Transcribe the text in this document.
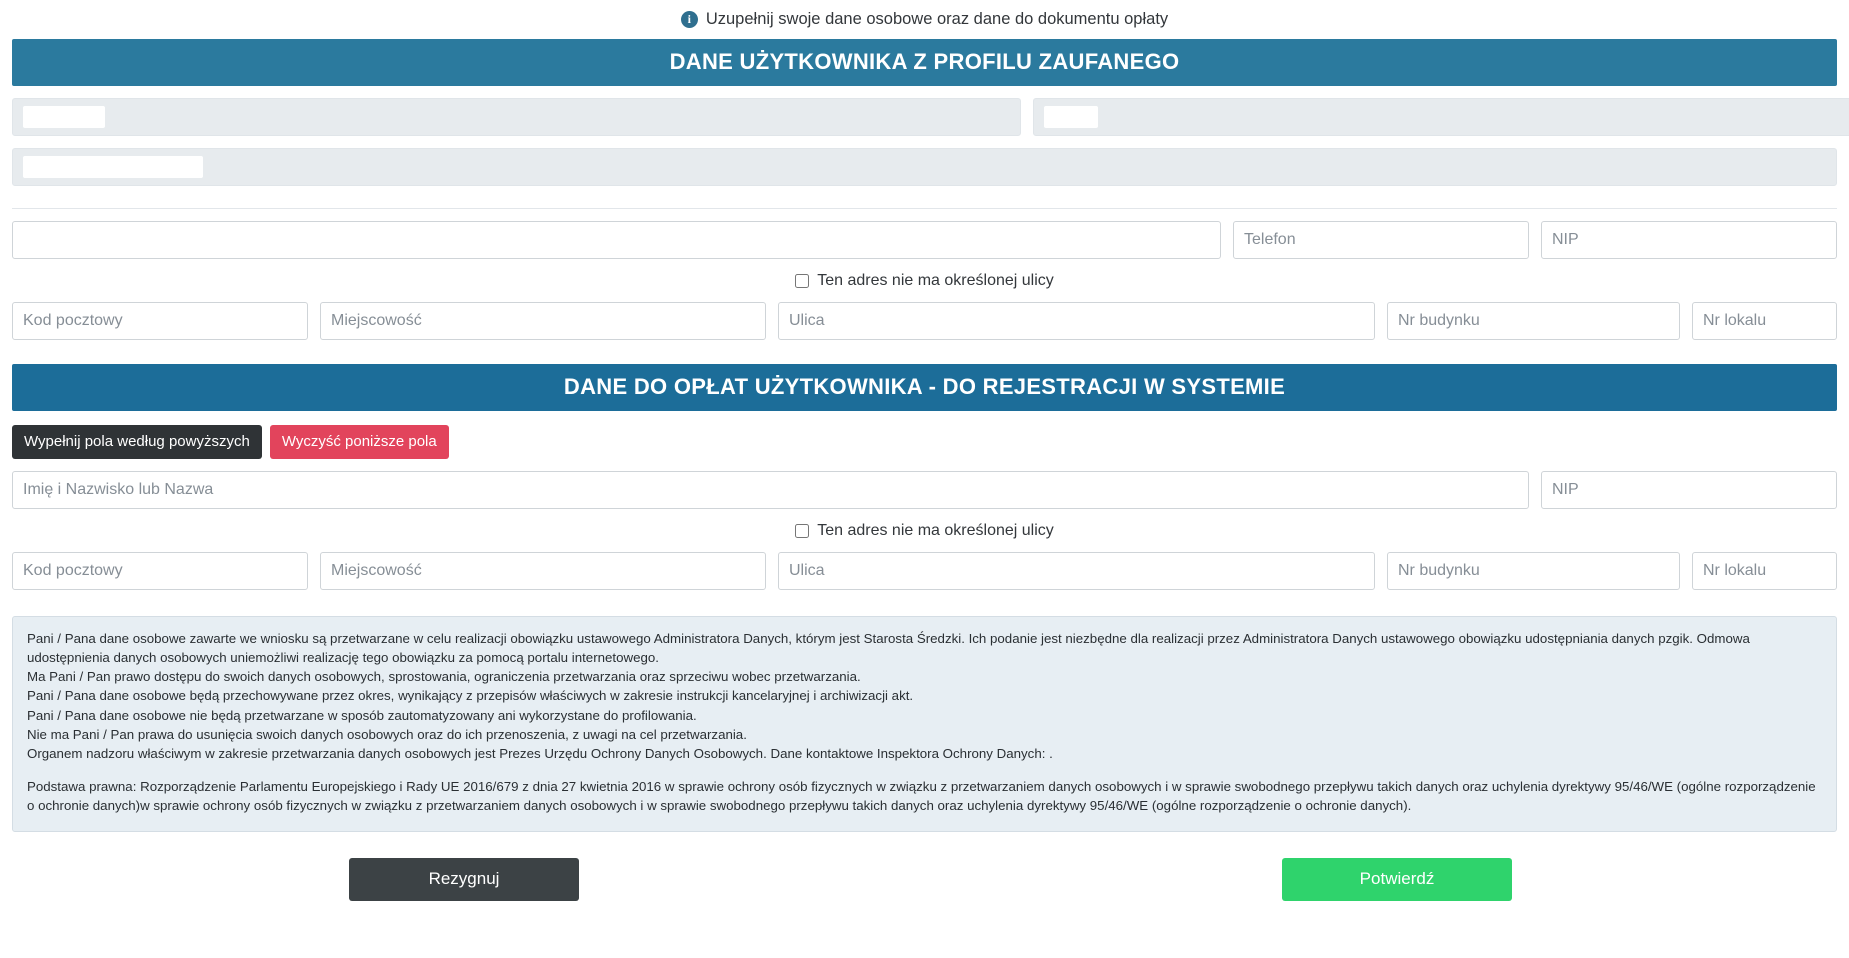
i Uzupełnij swoje dane osobowe oraz dane do dokumentu opłaty
DANE UŻYTKOWNIKA Z PROFILU ZAUFANEGO
Telefon
NIP
Ten adres nie ma określonej ulicy
Kod pocztowy
Miejscowość
Ulica
Nr budynku
Nr lokalu
DANE DO OPŁAT UŻYTKOWNIKA - DO REJESTRACJI W SYSTEMIE
Wypełnij pola według powyższych	Wyczyść poniższe pola
Imię i Nazwisko lub Nazwa
NIP
Ten adres nie ma określonej ulicy
Kod pocztowy
Miejscowość
Ulica
Nr budynku
Nr lokalu

Pani / Pana dane osobowe zawarte we wniosku są przetwarzane w celu realizacji obowiązku ustawowego Administratora Danych, którym jest Starosta Średzki. Ich podanie jest niezbędne dla realizacji przez Administratora Danych ustawowego obowiązku udostępniania danych pzgik. Odmowa udostępnienia danych osobowych uniemożliwi realizację tego obowiązku za pomocą portalu internetowego.

Ma Pani / Pan prawo dostępu do swoich danych osobowych, sprostowania, ograniczenia przetwarzania oraz sprzeciwu wobec przetwarzania.

Pani / Pana dane osobowe będą przechowywane przez okres, wynikający z przepisów właściwych w zakresie instrukcji kancelaryjnej i archiwizacji akt.

Pani / Pana dane osobowe nie będą przetwarzane w sposób zautomatyzowany ani wykorzystane do profilowania.

Nie ma Pani / Pan prawa do usunięcia swoich danych osobowych oraz do ich przenoszenia, z uwagi na cel przetwarzania.

Organem nadzoru właściwym w zakresie przetwarzania danych osobowych jest Prezes Urzędu Ochrony Danych Osobowych. Dane kontaktowe Inspektora Ochrony Danych: .

Podstawa prawna: Rozporządzenie Parlamentu Europejskiego i Rady UE 2016/679 z dnia 27 kwietnia 2016 w sprawie ochrony osób fizycznych w związku z przetwarzaniem danych osobowych i w sprawie swobodnego przepływu takich danych oraz uchylenia dyrektywy 95/46/WE (ogólne rozporządzenie o ochronie danych)w sprawie ochrony osób fizycznych w związku z przetwarzaniem danych osobowych i w sprawie swobodnego przepływu takich danych oraz uchylenia dyrektywy 95/46/WE (ogólne rozporządzenie o ochronie danych).

Rezygnuj	Potwierdź
